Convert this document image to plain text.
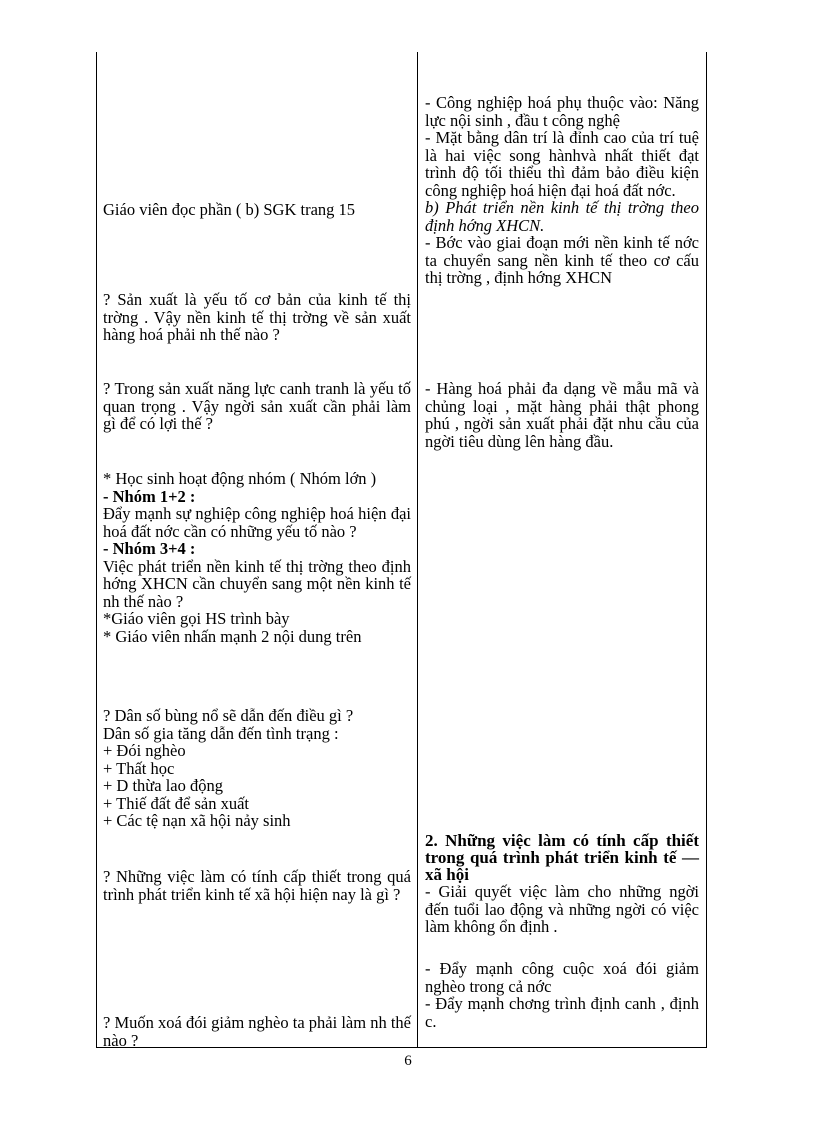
Giáo viên đọc phần ( b) SGK trang 15
? Sản xuất là yếu tố cơ bản của kinh tế thị trờng . Vậy nền kinh tế thị trờng về sản xuất hàng hoá phải nh thế nào ?
? Trong sản xuất năng lực canh tranh là yếu tố quan trọng . Vậy ngời sản xuất cần phải làm gì để có lợi thế ?
* Học sinh hoạt động nhóm ( Nhóm lớn )
- Nhóm 1+2 :
Đẩy mạnh sự nghiệp công nghiệp hoá hiện đại hoá đất nớc cần có những yếu tố nào ?
- Nhóm 3+4 :
Việc phát triển nền kinh tế thị trờng theo định hớng XHCN cần chuyển sang một nền kinh tế nh thế nào ?
*Giáo viên gọi HS trình bày
* Giáo viên nhấn mạnh 2 nội dung trên
? Dân số bùng nổ sẽ dẫn đến điều gì ?
Dân số gia tăng dẫn đến tình trạng :
+ Đói nghèo
+ Thất học
+ D thừa lao động
+ Thiế đất để sản xuất
+ Các tệ nạn xã hội nảy sinh
? Những việc làm có tính cấp thiết trong quá trình phát triển kinh tế xã hội hiện nay là gì ?
? Muốn xoá đói giảm nghèo ta phải làm nh thế nào ?
- Công nghiệp hoá phụ thuộc vào: Năng lực nội sinh , đầu t công nghệ
- Mặt bằng dân trí là đỉnh cao của trí tuệ là hai việc song hànhvà nhất thiết đạt trình độ tối thiểu thì đảm bảo điều kiện công nghiệp hoá hiện đại hoá đất nớc.
b) Phát triển nền kinh tế thị trờng theo định hớng XHCN.
- Bớc vào giai đoạn mới nền kinh tế nớc ta chuyển sang nền kinh tế theo cơ cấu thị trờng , định hớng XHCN
- Hàng hoá phải đa dạng về mẫu mã và chủng loại , mặt hàng phải thật phong phú , ngời sản xuất phải đặt nhu cầu của ngời tiêu dùng lên hàng đầu.
2. Những việc làm có tính cấp thiết trong quá trình phát triển kinh tế —xã hội
- Giải quyết việc làm cho những ngời đến tuổi lao động và những ngời có việc làm không ổn định .
- Đẩy mạnh công cuộc xoá đói giảm nghèo trong cả nớc
- Đẩy mạnh chơng trình định canh , định c.
6
